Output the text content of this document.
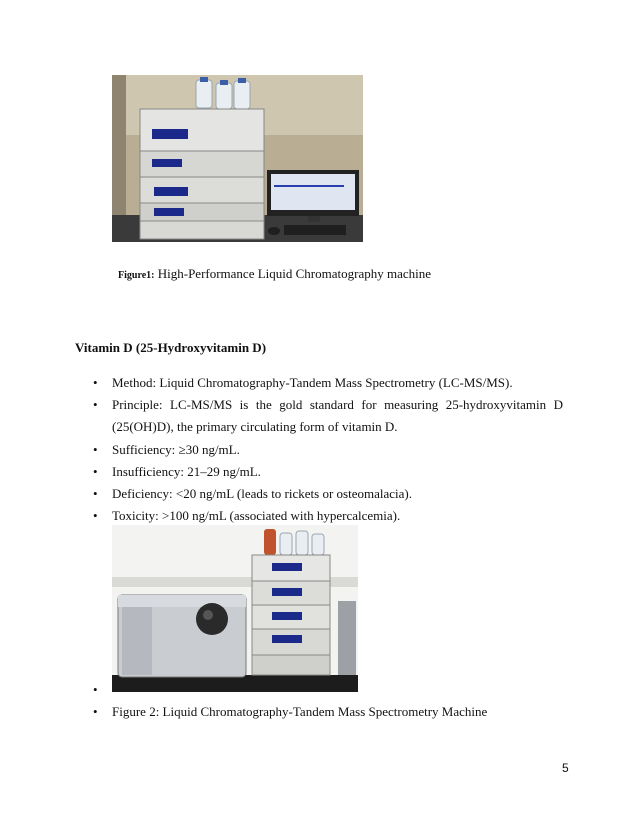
Figure1: High-Performance Liquid Chromatography machine
Vitamin D (25-Hydroxyvitamin D)
• Method: Liquid Chromatography-Tandem Mass Spectrometry (LC-MS/MS).
• Principle: LC-MS/MS is the gold standard for measuring 25-hydroxyvitamin D
(25(OH)D), the primary circulating form of vitamin D.
• Sufficiency: ≥30 ng/mL.
• Insufficiency: 21–29 ng/mL.
• Deficiency: <20 ng/mL (leads to rickets or osteomalacia).
• Toxicity: >100 ng/mL (associated with hypercalcemia).
•
• Figure 2: Liquid Chromatography-Tandem Mass Spectrometry Machine
5
